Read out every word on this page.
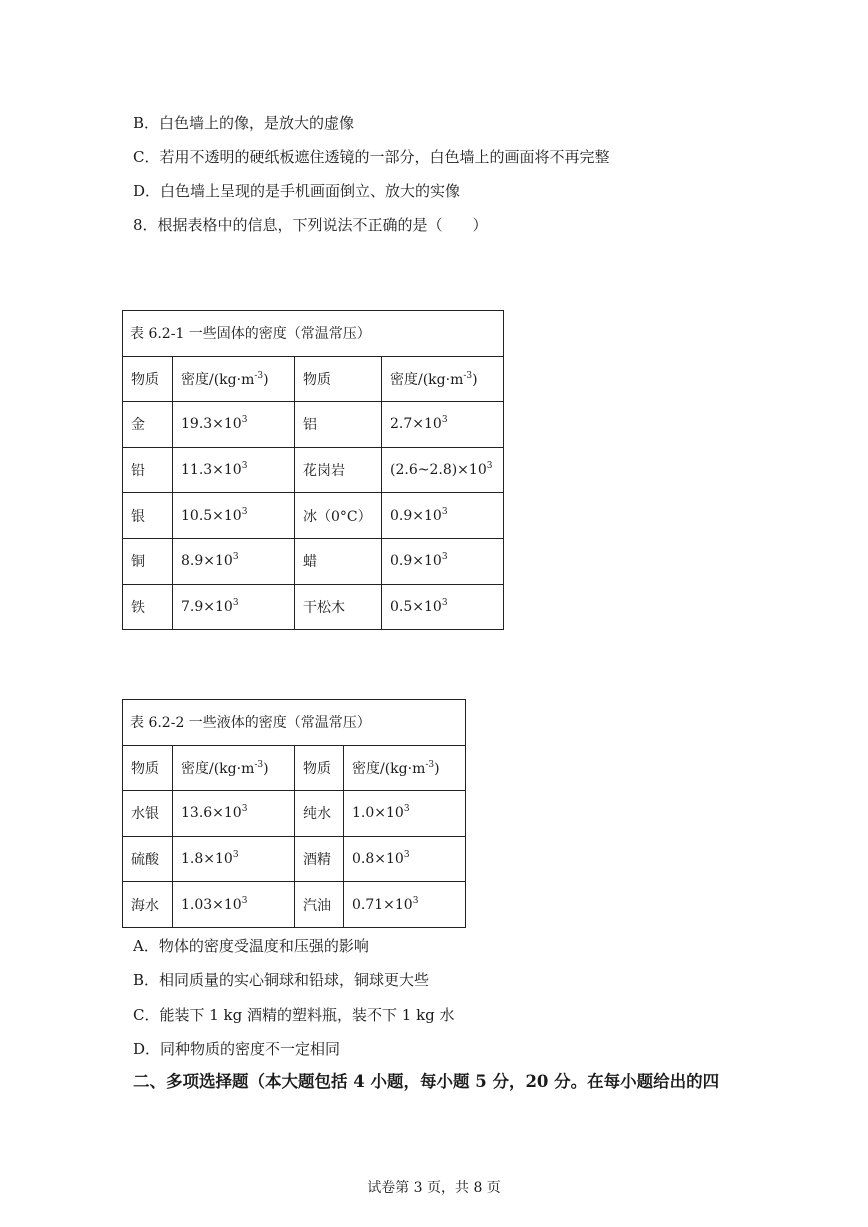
B．白色墙上的像，是放大的虚像
C．若用不透明的硬纸板遮住透镜的一部分，白色墙上的画面将不再完整
D．白色墙上呈现的是手机画面倒立、放大的实像
8．根据表格中的信息，下列说法不正确的是（　　）
表 6.2-1 一些固体的密度（常温常压）			
物质	密度$/(kg\cdot m^{-3})$	物质	密度$/(kg\cdot m^{-3})$
金	$19.3\times 10^3$	铝	$2.7\times 10^3$
铅	$11.3\times 10^3$	花岗岩	$(2.6\sim 2.8)\times 10^3$
银	$10.5\times 10^3$	冰（0°C）	$0.9\times 10^3$
铜	$8.9\times 10^3$	蜡	$0.9\times 10^3$
铁	$7.9\times 10^3$	干松木	$0.5\times 10^3$
表 6.2-2 一些液体的密度（常温常压）			
物质	密度$/(kg\cdot m^{-3})$	物质	密度$/(kg\cdot m^{-3})$
水银	$13.6\times 10^3$	纯水	$1.0\times 10^3$
硫酸	$1.8\times 10^3$	酒精	$0.8\times 10^3$
海水	$1.03\times 10^3$	汽油	$0.71\times 10^3$
A．物体的密度受温度和压强的影响
B．相同质量的实心铜球和铅球，铜球更大些
C．能装下 1 kg 酒精的塑料瓶，装不下 1 kg 水
D．同种物质的密度不一定相同
二、多项选择题（本大题包括 4 小题，每小题 5 分，20 分。在每小题给出的四
试卷第 3 页，共 8 页
